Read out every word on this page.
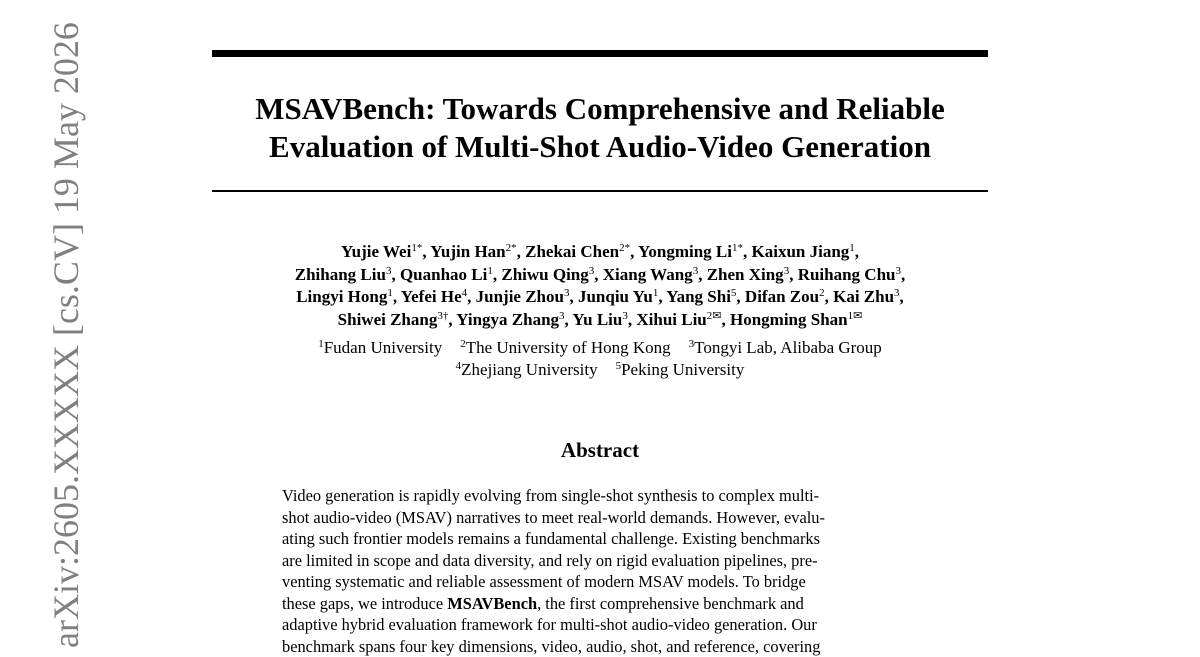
arXiv:2605.XXXXX [cs.CV] 19 May 2026	MSAVBench: Towards Comprehensive and Reliable
Evaluation of Multi-Shot Audio-Video Generation
Yujie Wei$^{1*}$, Yujin Han$^{2*}$, Zhekai Chen$^{2*}$, Yongming $Li^{1*}$, Kaixun Jiang$^1$,
Zhihang Liu$^3$, Quanhao Li$^1$, Zhiwu Qing$^3$, Xiang Wang$^3$, Zhen Xing$^3$, Ruihang Chu$^3$,
Lingyi Hong$^1$, Yefei He$^4$, Junjie Zhou$^3$, Junqiu Yu$^1$, Yang Shi$^5$, Difan Zou$^2$, Kai Zhu$^3$,
Shiwei Zhang$^{3\dagger}$, Yingya Zhang$^3$, Yu Liu$^3$, Xihui Liu$^{2✉}$, Hongming Shan$^{1✉}$
$^1$Fudan University $^2$The University of Hong Kong $^3$Tongyi Lab, Alibaba Group
$^4$Zhejiang University $^5$Peking University
Abstract
Video generation is rapidly evolving from single-shot synthesis to complex multi-
shot audio-video (MSAV) narratives to meet real-world demands. However, evalu-
ating such frontier models remains a fundamental challenge. Existing benchmarks
are limited in scope and data diversity, and rely on rigid evaluation pipelines, pre-
venting systematic and reliable assessment of modern MSAV models. To bridge
these gaps, we introduce MSAVBench, the first comprehensive benchmark and
adaptive hybrid evaluation framework for multi-shot audio-video generation. Our
benchmark spans four key dimensions, video, audio, shot, and reference, covering
